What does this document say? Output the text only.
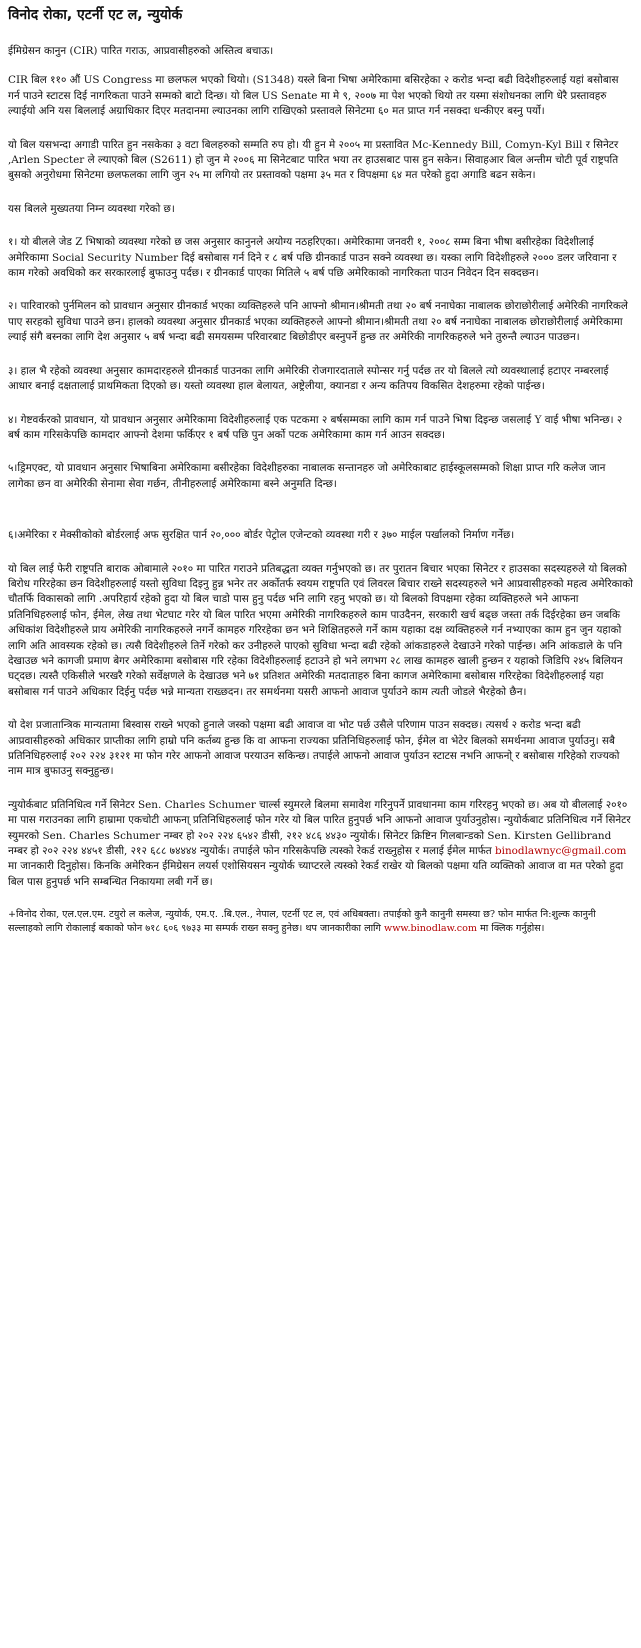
विनोद रोका, एटर्नी एट ल, न्युयोर्क

ईमिग्रेसन कानुन (CIR) पारित गराऊ, आप्रवासीहरुको अस्तित्व बचाऊ।

CIR बिल ११० औं US Congress मा छलफल भएको थियो। (S1348) यस्ले बिना भिषा अमेरिकामा बसिरहेका २ करोड भन्दा बढी विदेशीहरुलाई यहां बसोबास गर्न पाउने स्टाटस दिई नागरिकता पाउने सम्मको बाटो दिन्छ। यो बिल US Senate मा मे ९, २००७ मा पेश भएको थियो तर यस्मा संशोधनका लागि धेरै प्रस्तावहरु ल्याईयो अनि यस बिललाई अग्राधिकार दिएर मतदानमा ल्याउनका लागि राखिएको प्रस्तावले सिनेटमा ६० मत प्राप्त गर्न नसक्दा धन्कीएर बस्नु पर्यो।

यो बिल यसभन्दा अगाडी पारित हुन नसकेका ३ वटा बिलहरुको सम्मति रुप हो। यी हुन मे २००५ मा प्रस्तावित Mc-Kennedy Bill, Comyn-Kyl Bill र सिनेटर ,Arlen Specter ले ल्याएको बिल (S2611) हो जुन मे २००६ मा सिनेटबाट पारित भया तर हाउसबाट पास हुन सकेन। सिवाहआर बिल अन्तीम चोटी पूर्व राष्ट्रपति बुसको अनुरोधमा सिनेटमा छलफलका लागि जुन २५ मा लगियो तर प्रस्तावको पक्षमा ३५ मत र विपक्षमा ६४ मत परेको हुदा अगाडि बढन सकेन।

यस बिलले मुख्यतया निम्न व्यवस्था गरेको छ।

१। यो बीलले जेड Z भिषाको व्यवस्था गरेको छ जस अनुसार कानुनले अयोग्य नठहरिएका। अमेरिकामा जनवरी १, २००८ सम्म बिना भीषा बसीरहेका विदेशीलाई अमेरिकामा Social Security Number दिई बसोबास गर्न दिने र ८ बर्ष पछि ग्रीनकार्ड पाउन सक्ने व्यवस्था छ। यस्का लागि विदेशीहरुले २००० डलर जरिवाना र काम गरेको अवधिको कर सरकारलाई बुफाउनु पर्दछ। र ग्रीनकार्ड पाएका मितिले ५ बर्ष पछि अमेरिकाको नागरिकता पाउन निवेदन दिन सक्दछन।

२। पारिवारको पुर्नमिलन को प्रावधान अनुसार ग्रीनकार्ड भएका व्यक्तिहरुले पनि आफ्नो श्रीमान।श्रीमती तथा २० बर्ष ननाघेका नाबालक छोराछोरीलाई अमेरिकी नागरिकले पाए सरहको सुविधा पाउने छन। हालको व्यवस्था अनुसार ग्रीनकार्ड भएका व्यक्तिहरुले आफ्नो श्रीमान।श्रीमती तथा २० बर्ष ननाघेका नाबालक छोराछोरीलाई अमेरिकामा ल्याई संगै बस्नका लागि देश अनुसार ५ बर्ष भन्दा बढी समयसम्म परिवारबाट बिछोडीएर बस्नुपर्ने हुन्छ तर अमेरिकी नागरिकहरुले भने तुरुन्तै ल्याउन पाउछन।

३। हाल भै रहेको व्यवस्था अनुसार कामदारहरुले ग्रीनकार्ड पाउनका लागि अमेरिकी रोजगारदाताले स्पोन्सर गर्नु पर्दछ तर यो बिलले त्यो व्यवस्थालाई हटाएर नम्बरलाई आधार बनाई दक्षतालाई प्राथमिकता दिएको छ। यस्तो व्यवस्था हाल बेलायत, अष्ट्रेलीया, क्यानडा र अन्य कतिपय विकसित देशहरुमा रहेको पाईन्छ।

४। गेष्टवर्करको प्रावधान, यो प्रावधान अनुसार अमेरिकामा विदेशीहरुलाई एक पटकमा २ बर्षसम्मका लागि काम गर्न पाउने भिषा दिइन्छ जसलाई Y वाई भीषा भनिन्छ। २ बर्ष काम गरिसकेपछि कामदार आफ्नो देशमा फर्किएर १ बर्ष पछि पुन अर्को पटक अमेरिकामा काम गर्न आउन सक्दछ।

५।ड्रिमएक्ट, यो प्रावधान अनुसार भिषाबिना अमेरिकामा बसीरहेका विदेशीहरुका नाबालक सन्तानहरु जो अमेरिकाबाट हाईस्कूलसम्मको शिक्षा प्राप्त गरि कलेज जान लागेका छन वा अमेरिकी सेनामा सेवा गर्छन, तीनीहरुलाई अमेरिकामा बस्ने अनुमति दिन्छ।

६।अमेरिका र मेक्सीकोको बोर्डरलाई अफ सुरक्षित पार्न २०,००० बोर्डर पेट्रोल एजेन्टको व्यवस्था गरी र ३७० माईल पर्खालको निर्माण गर्नेछ।

यो बिल लाई फेरी राष्ट्रपति बाराक ओबामाले २०१० मा पारित गराउने प्रतिबद्धता व्यक्त गर्नुभएको छ। तर पुरातन बिचार भएका सिनेटर र हाउसका सदस्यहरुले यो बिलको बिरोध गरिरहेका छन विदेशीहरुलाई यस्तो सुविधा दिइनु हुन्न भनेर तर अर्कोतर्फ स्वयम राष्ट्रपति एवं लिवरल बिचार राख्ने सदस्यहरुले भने आप्रवासीहरुको महत्व अमेरिकाको चौतर्फि विकासको लागि .अपरिहार्य रहेको हुदा यो बिल चाडो पास हुनु पर्दछ भनि लागि रहनु भएको छ। यो बिलको विपक्षमा रहेका व्यक्तिहरुले भने आफना प्रतिनिधिहरुलाई फोन, ईमेल, लेख तथा भेटघाट गरेर यो बिल पारित भएमा अमेरिकी नागरिकहरुले काम पाउदैनन, सरकारी खर्च बढ्छ जस्ता तर्क दिईरहेका छन जबकि अधिकांश विदेशीहरुले प्राय अमेरिकी नागरिकहरुले नगर्ने कामहरु गरिरहेका छन भने शिक्षितहरुले गर्ने काम यहाका दक्ष व्यक्तिहरुले गर्न नभ्याएका काम हुन जुन यहाको लागि अति आवस्यक रहेको छ। त्यसै विदेशीहरुले तिर्ने गरेको कर उनीहरुले पाएको सुविधा भन्दा बढी रहेको आंकडाहरुले देखाउने गरेको पाईन्छ। अनि आंकडाले के पनि देखाउछ भने कागजी प्रमाण बेगर अमेरिकामा बसोबास गरि रहेका विदेशीहरुलाई हटाउने हो भने लगभग २८ लाख कामहरु खाली हुन्छन र यहाको जिडिपि २४५ बिलियन घट्दछ। त्यस्तै एकिसीले भरखरै गरेको सर्वेक्षणले के देखाउछ भने ७१ प्रतिशत अमेरिकी मतदाताहरु बिना कागज अमेरिकामा बसोबास गरिरहेका विदेशीहरुलाई यहा बसोबास गर्न पाउने अधिकार दिईनु पर्दछ भन्ने मान्यता राख्छदन। तर समर्थनमा यसरी आफनो आवाज पुर्याउने काम त्यती जोडले भैरहेको छैन।

यो देश प्रजातान्त्रिक मान्यतामा बिस्वास राख्ने भएको हुनाले जस्को पक्षमा बढी आवाज वा भोट पर्छ उसैले परिणाम पाउन सक्दछ। त्यसर्थ २ करोड भन्दा बढी आप्रवासीहरुको अधिकार प्राप्तीका लागि हाम्रो पनि कर्तब्य हुन्छ कि वा आफना राज्यका प्रतिनिधिहरुलाई फोन, ईमेल वा भेटेर बिलको समर्थनमा आवाज पुर्याउनु। सबै प्रतिनिधिहरुलाई २०२ २२४ ३१२१ मा फोन गरेर आफनो आवाज परयाउन सकिन्छ। तपाईले आफनो आवाज पुर्याउन स्टाटस नभनि आफनो् र बसोबास गरिहेको राज्यको नाम मात्र बुफाउनु सक्नुहुन्छ।

न्युयोर्कबाट प्रतिनिधित्व गर्ने सिनेटर Sen. Charles Schumer चार्ल्स स्युमरले बिलमा समावेश गरिनुपर्ने प्रावधानमा काम गरिरहनु भएको छ। अब यो बीललाई २०१० मा पास गराउनका लागि हाम्रामा एकचोटी आफना् प्रतिनिधिहरुलाई फोन गरेर यो बिल पारित हुनुपर्छ भनि आफनो आवाज पुर्याउनुहोस। न्युयोर्कबाट प्रतिनिधित्व गर्ने सिनेटर स्युमरको Sen. Charles Schumer नम्बर हो २०२ २२४ ६५४२ डीसी, २१२ ४८६ ४४३० न्युयोर्क। सिनेटर क्रिष्टिन गिलबान्डको Sen. Kirsten Gellibrand नम्बर हो २०२ २२४ ४४५१ डीसी, २१२ ६८८ ७४४४४ न्युयोर्क। तपाईले फोन गरिसकेपछि त्यस्को रेकर्ड राख्नुहोस र मलाई ईमेल मार्फत binodlawnyc@gmail.com मा जानकारी दिनुहोस। किनकि अमेरिकन ईमिग्रेसन लयर्स एशोसियसन न्युयोर्क च्याप्टरले त्यस्को रेकर्ड राखेर यो बिलको पक्षमा यति व्यक्तिको आवाज वा मत परेको हुदा बिल पास हुनुपर्छ भनि सम्बन्धित निकायमा लबी गर्ने छ।

+विनोद रोका, एल.एल.एम. टयुरो ल कलेज, न्युयोर्क, एम.ए. .बि.एल., नेपाल, एटर्नी एट ल, एवं अधिबक्ता। तपाईको कुनै कानुनी समस्या छ? फोन मार्फत नि:शुल्क कानुनी सल्लाहको लागि रोकालाई बकाको फोन ७१८ ६०६ ९७३३ मा सम्पर्क राख्न सक्नु हुनेछ। थप जानकारीका लागि www.binodlaw.com मा क्लिक गर्नुहोस।
